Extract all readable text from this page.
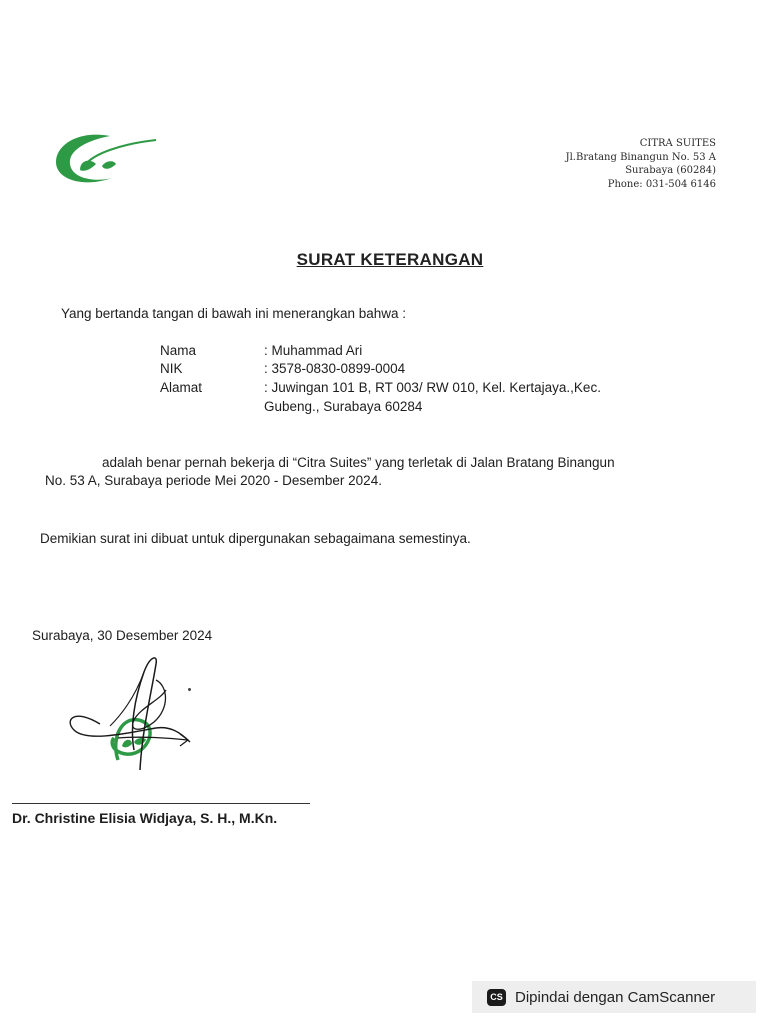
CITRA SUITES
Jl.Bratang Binangun No. 53 A
Surabaya (60284)
Phone: 031-504 6146
SURAT KETERANGAN
Yang bertanda tangan di bawah ini menerangkan bahwa :
Nama	: Muhammad Ari
NIK	: 3578-0830-0899-0004
Alamat	: Juwingan 101 B, RT 003/ RW 010, Kel. Kertajaya.,Kec.
Gubeng., Surabaya 60284
adalah benar pernah bekerja di “Citra Suites” yang terletak di Jalan Bratang Binangun
No. 53 A, Surabaya periode Mei 2020 - Desember 2024.
Demikian surat ini dibuat untuk dipergunakan sebagaimana semestinya.
Surabaya, 30 Desember 2024
Dr. Christine Elisia Widjaya, S. H., M.Kn.
CS Dipindai dengan CamScanner
